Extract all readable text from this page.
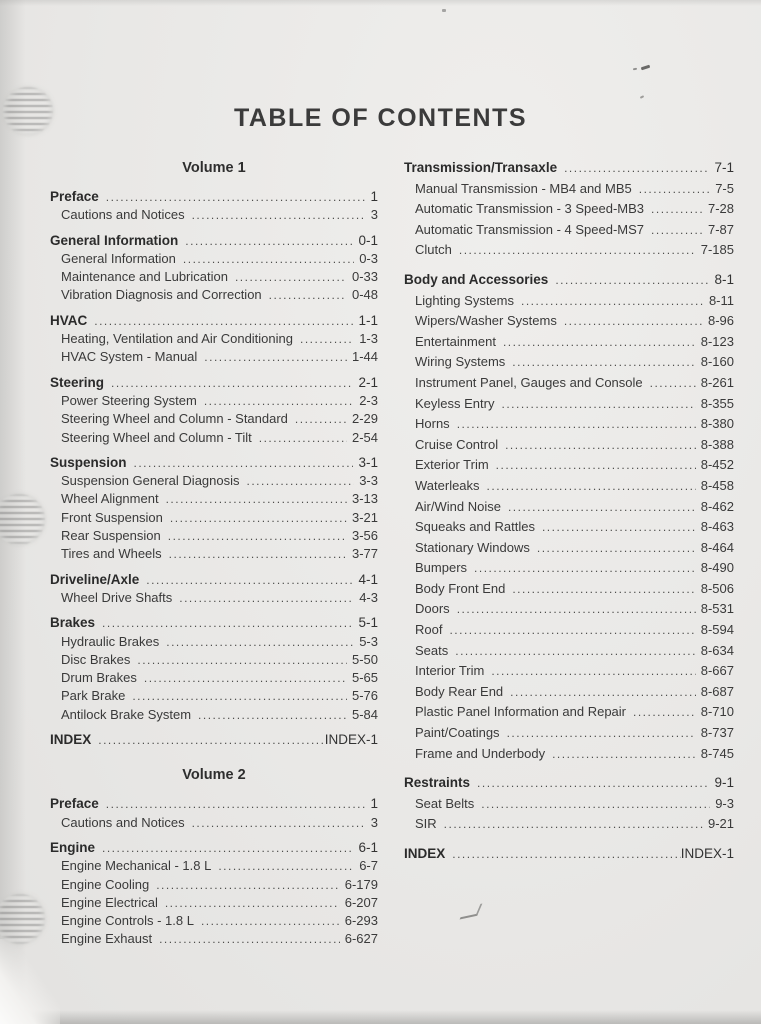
TABLE OF CONTENTS
Volume 1
Preface .....	1
Cautions and Notices .....	3
General Information .....	0-1
General Information .....	0-3
Maintenance and Lubrication .....	0-33
Vibration Diagnosis and Correction .....	0-48
HVAC .....	1-1
Heating, Ventilation and Air Conditioning .....	1-3
HVAC System - Manual .....	1-44
Steering .....	2-1
Power Steering System .....	2-3
Steering Wheel and Column - Standard .....	2-29
Steering Wheel and Column - Tilt .....	2-54
Suspension .....	3-1
Suspension General Diagnosis .....	3-3
Wheel Alignment .....	3-13
Front Suspension .....	3-21
Rear Suspension .....	3-56
Tires and Wheels .....	3-77
Driveline/Axle .....	4-1
Wheel Drive Shafts .....	4-3
Brakes .....	5-1
Hydraulic Brakes .....	5-3
Disc Brakes .....	5-50
Drum Brakes .....	5-65
Park Brake .....	5-76
Antilock Brake System .....	5-84
INDEX .....	INDEX-1
Volume 2
Preface .....	1
Cautions and Notices .....	3
Engine .....	6-1
Engine Mechanical - 1.8 L .....	6-7
Engine Cooling .....	6-179
Engine Electrical .....	6-207
Engine Controls - 1.8 L .....	6-293
Engine Exhaust .....	6-627
Transmission/Transaxle .....	7-1
Manual Transmission - MB4 and MB5 .....	7-5
Automatic Transmission - 3 Speed-MB3 .....	7-28
Automatic Transmission - 4 Speed-MS7 .....	7-87
Clutch .....	7-185
Body and Accessories .....	8-1
Lighting Systems .....	8-11
Wipers/Washer Systems .....	8-96
Entertainment .....	8-123
Wiring Systems .....	8-160
Instrument Panel, Gauges and Console .....	8-261
Keyless Entry .....	8-355
Horns .....	8-380
Cruise Control .....	8-388
Exterior Trim .....	8-452
Waterleaks .....	8-458
Air/Wind Noise .....	8-462
Squeaks and Rattles .....	8-463
Stationary Windows .....	8-464
Bumpers .....	8-490
Body Front End .....	8-506
Doors .....	8-531
Roof .....	8-594
Seats .....	8-634
Interior Trim .....	8-667
Body Rear End .....	8-687
Plastic Panel Information and Repair .....	8-710
Paint/Coatings .....	8-737
Frame and Underbody .....	8-745
Restraints .....	9-1
Seat Belts .....	9-3
SIR .....	9-21
INDEX .....	INDEX-1
